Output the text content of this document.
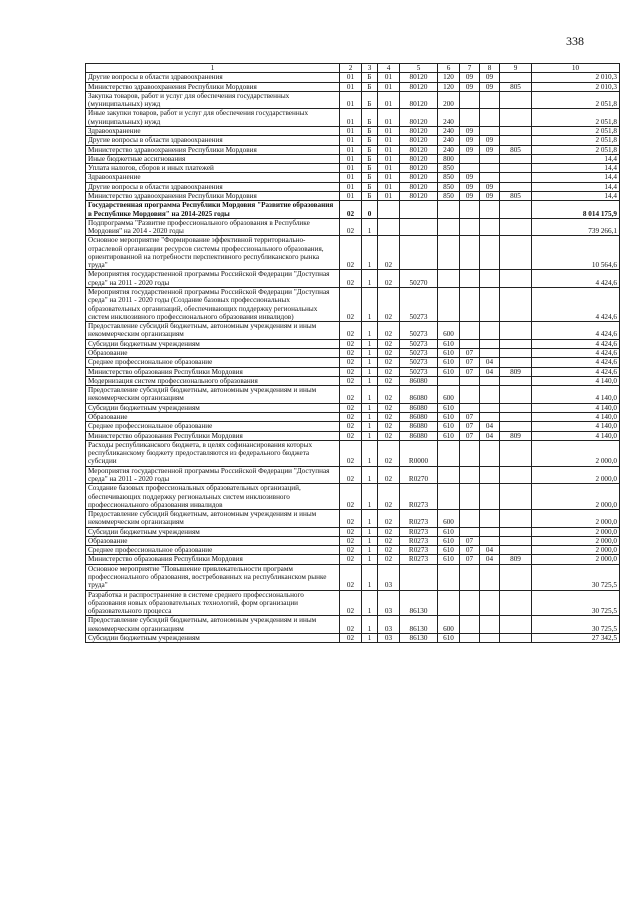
338
1	2	3	4	5	6	7	8	9	10
Другие вопросы в области здравоохранения	01	Б	01	80120	120	09	09		2 010,3
Министерство здравоохранения Республики Мордовия	01	Б	01	80120	120	09	09	805	2 010,3
Закупка товаров, работ и услуг для обеспечения государственных (муниципальных) нужд	01	Б	01	80120	200				2 051,8
Иные закупки товаров, работ и услуг для обеспечения государственных (муниципальных) нужд	01	Б	01	80120	240				2 051,8
Здравоохранение	01	Б	01	80120	240	09			2 051,8
Другие вопросы в области здравоохранения	01	Б	01	80120	240	09	09		2 051,8
Министерство здравоохранения Республики Мордовия	01	Б	01	80120	240	09	09	805	2 051,8
Иные бюджетные ассигнования	01	Б	01	80120	800				14,4
Уплата налогов, сборов и иных платежей	01	Б	01	80120	850				14,4
Здравоохранение	01	Б	01	80120	850	09			14,4
Другие вопросы в области здравоохранения	01	Б	01	80120	850	09	09		14,4
Министерство здравоохранения Республики Мордовия	01	Б	01	80120	850	09	09	805	14,4
Государственная программа Республики Мордовия "Развитие образования в Республике Мордовия" на 2014-2025 годы	02	0							8 014 175,9
Подпрограмма "Развитие профессионального образования в Республике Мордовия" на 2014 - 2020 годы	02	1							739 266,1
Основное мероприятие "Формирование эффективной территориально-отраслевой организации ресурсов системы профессионального образования, ориентированной на потребности перспективного республиканского рынка труда"	02	1	02						10 564,6
Мероприятия государственной программы Российской Федерации "Доступная среда" на 2011 - 2020 годы	02	1	02	50270					4 424,6
Мероприятия государственной программы Российской Федерации "Доступная среда" на 2011 - 2020 годы (Создание базовых профессиональных образовательных организаций, обеспечивающих поддержку региональных систем инклюзивного профессионального образования инвалидов)	02	1	02	50273					4 424,6
Предоставление субсидий бюджетным, автономным учреждениям и иным некоммерческим организациям	02	1	02	50273	600				4 424,6
Субсидии бюджетным учреждениям	02	1	02	50273	610				4 424,6
Образование	02	1	02	50273	610	07			4 424,6
Среднее профессиональное образование	02	1	02	50273	610	07	04		4 424,6
Министерство образования Республики Мордовия	02	1	02	50273	610	07	04	809	4 424,6
Модернизация систем профессионального образования	02	1	02	86080					4 140,0
Предоставление субсидий бюджетным, автономным учреждениям и иным некоммерческим организациям	02	1	02	86080	600				4 140,0
Субсидии бюджетным учреждениям	02	1	02	86080	610				4 140,0
Образование	02	1	02	86080	610	07			4 140,0
Среднее профессиональное образование	02	1	02	86080	610	07	04		4 140,0
Министерство образования Республики Мордовия	02	1	02	86080	610	07	04	809	4 140,0
Расходы республиканского бюджета, в целях софинансирования которых республиканскому бюджету предоставляются из федерального бюджета субсидии	02	1	02	R0000					2 000,0
Мероприятия государственной программы Российской Федерации "Доступная среда" на 2011 - 2020 годы	02	1	02	R0270					2 000,0
Создание базовых профессиональных образовательных организаций, обеспечивающих поддержку региональных систем инклюзивного профессионального образования инвалидов	02	1	02	R0273					2 000,0
Предоставление субсидий бюджетным, автономным учреждениям и иным некоммерческим организациям	02	1	02	R0273	600				2 000,0
Субсидии бюджетным учреждениям	02	1	02	R0273	610				2 000,0
Образование	02	1	02	R0273	610	07			2 000,0
Среднее профессиональное образование	02	1	02	R0273	610	07	04		2 000,0
Министерство образования Республики Мордовия	02	1	02	R0273	610	07	04	809	2 000,0
Основное мероприятие "Повышение привлекательности программ профессионального образования, востребованных на республиканском рынке труда"	02	1	03						30 725,5
Разработка и распространение в системе среднего профессионального образования новых образовательных технологий, форм организации образовательного процесса	02	1	03	86130					30 725,5
Предоставление субсидий бюджетным, автономным учреждениям и иным некоммерческим организациям	02	1	03	86130	600				30 725,5
Субсидии бюджетным учреждениям	02	1	03	86130	610				27 342,5
